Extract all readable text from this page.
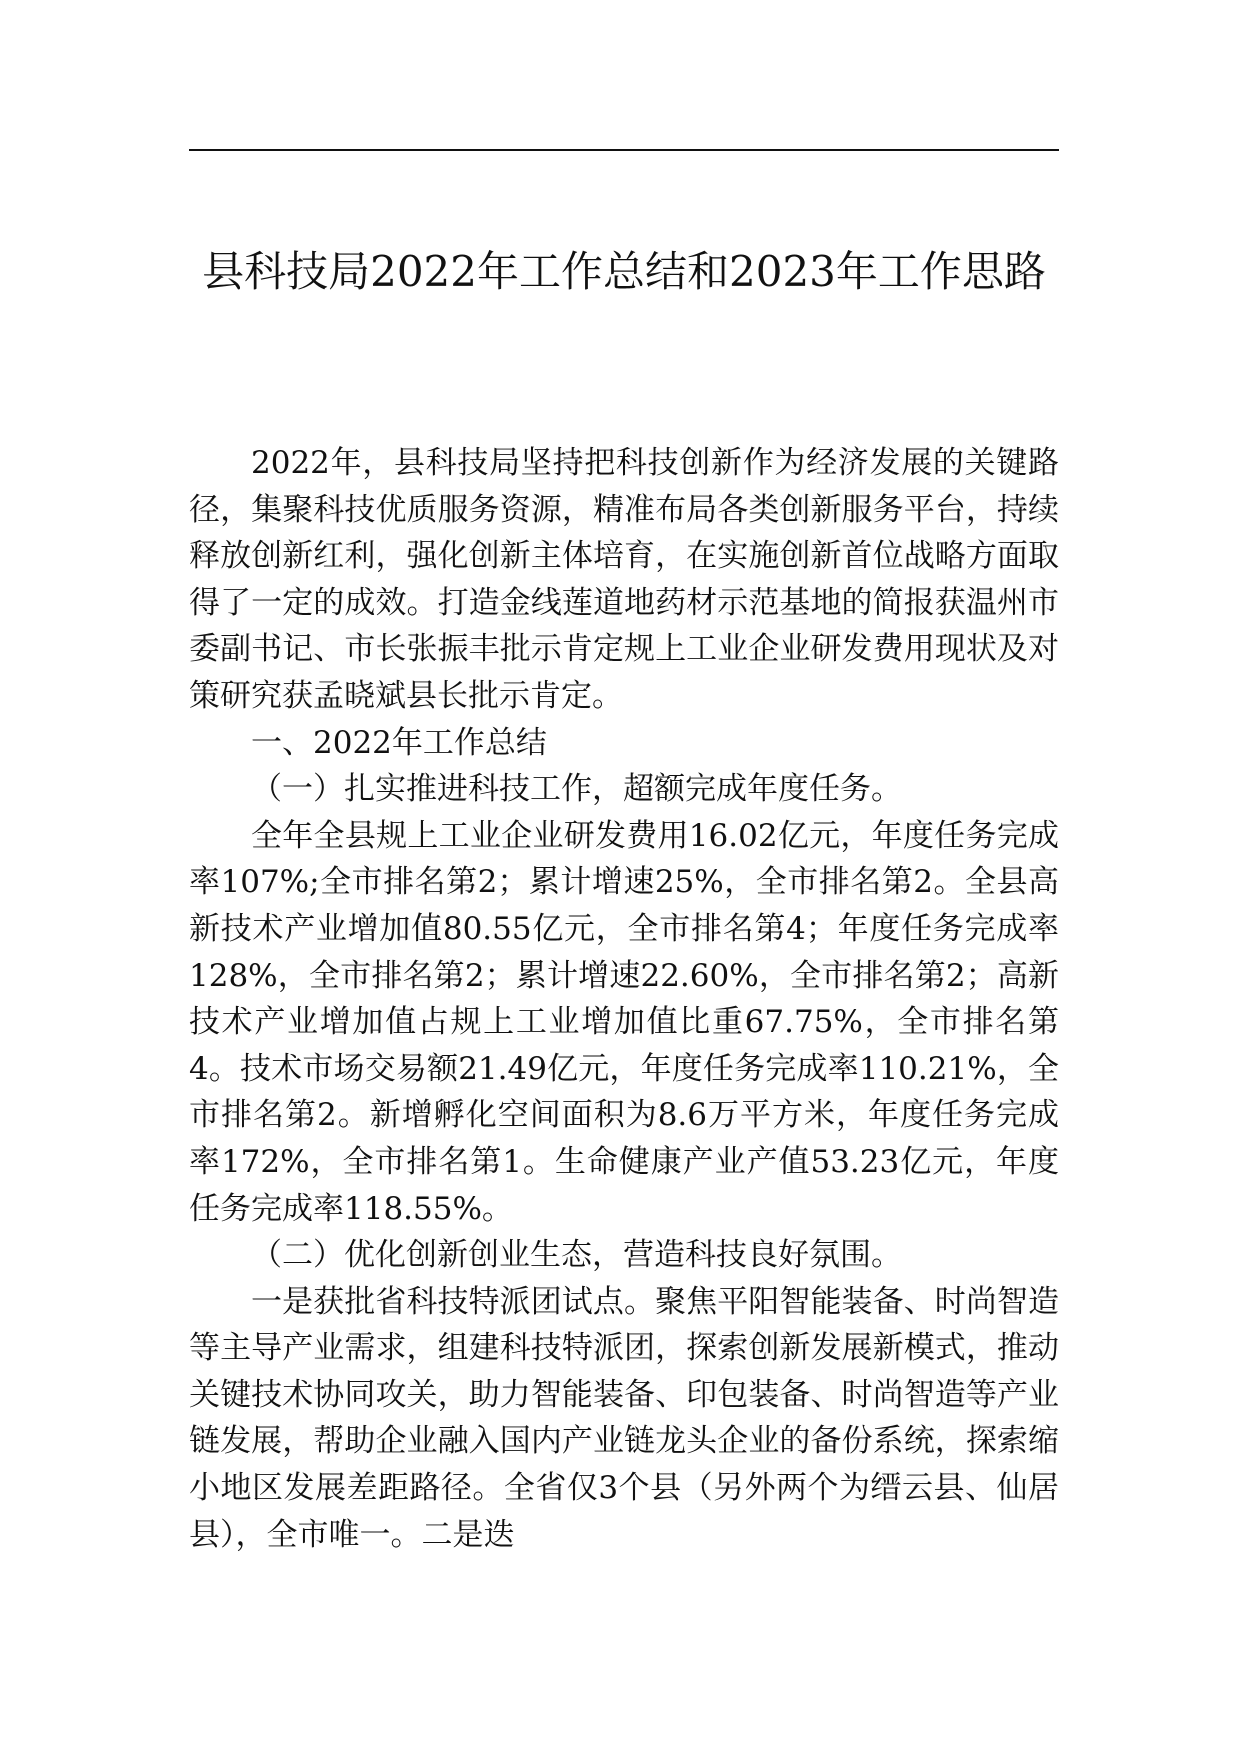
县科技局2022年工作总结和2023年工作思路

2022年，县科技局坚持把科技创新作为经济发展的关键路径，集聚科技优质服务资源，精准布局各类创新服务平台，持续释放创新红利，强化创新主体培育，在实施创新首位战略方面取得了一定的成效。打造金线莲道地药材示范基地的简报获温州市委副书记、市长张振丰批示肯定规上工业企业研发费用现状及对策研究获孟晓斌县长批示肯定。

一、2022年工作总结

（一）扎实推进科技工作，超额完成年度任务。

全年全县规上工业企业研发费用16.02亿元，年度任务完成率107%;全市排名第2；累计增速25%，全市排名第2。全县高新技术产业增加值80.55亿元，全市排名第4；年度任务完成率128%，全市排名第2；累计增速22.60%，全市排名第2；高新技术产业增加值占规上工业增加值比重67.75%，全市排名第4。技术市场交易额21.49亿元，年度任务完成率110.21%，全市排名第2。新增孵化空间面积为8.6万平方米，年度任务完成率172%，全市排名第1。生命健康产业产值53.23亿元，年度任务完成率118.55%。

（二）优化创新创业生态，营造科技良好氛围。

一是获批省科技特派团试点。聚焦平阳智能装备、时尚智造等主导产业需求，组建科技特派团，探索创新发展新模式，推动关键技术协同攻关，助力智能装备、印包装备、时尚智造等产业链发展，帮助企业融入国内产业链龙头企业的备份系统，探索缩小地区发展差距路径。全省仅3个县（另外两个为缙云县、仙居县），全市唯一。二是迭
